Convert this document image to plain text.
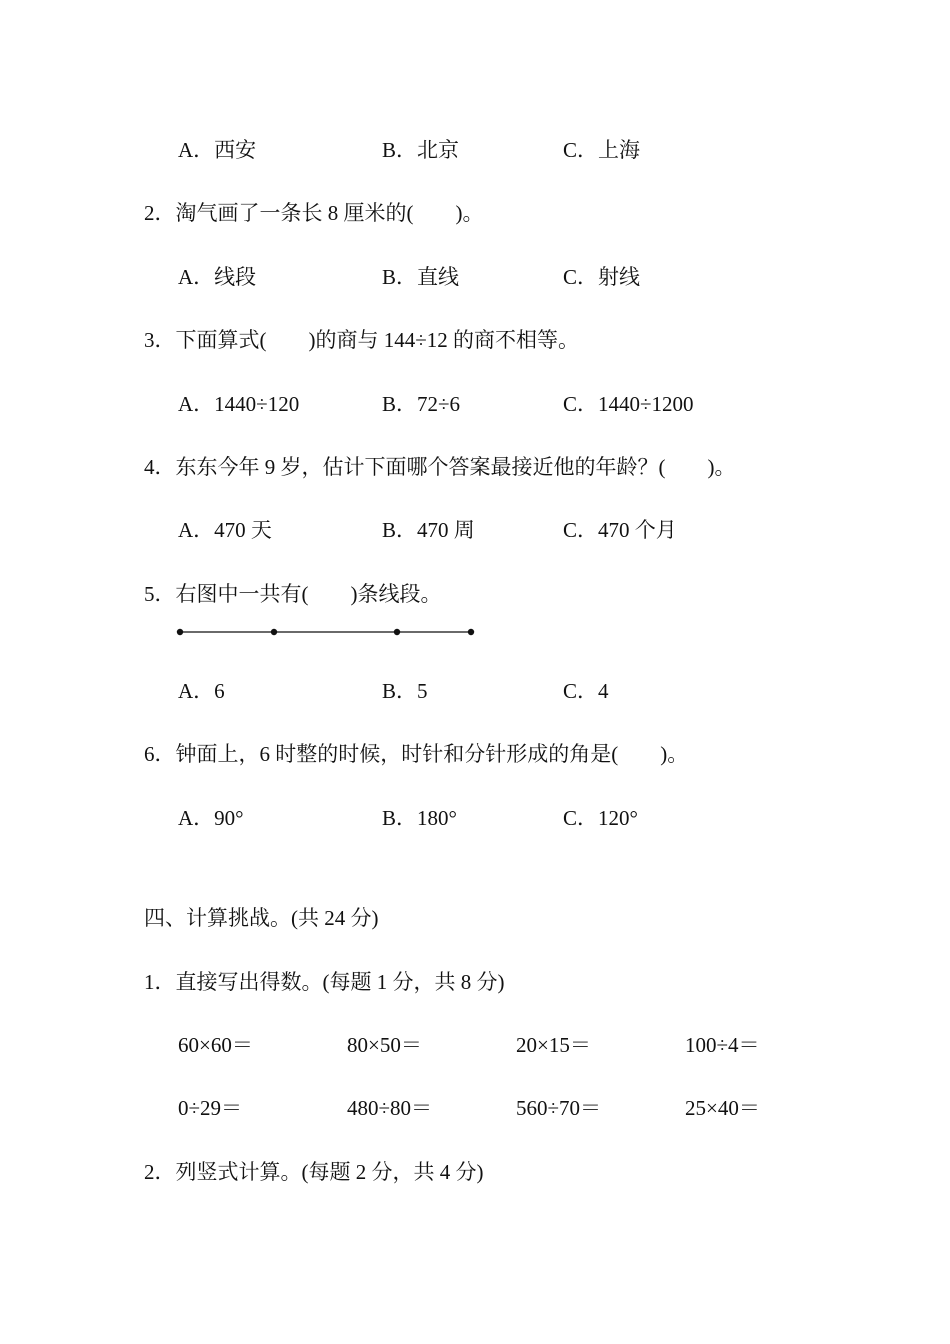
A．西安	B．北京	C．上海
2．淘气画了一条长 8 厘米的(　　)。
A．线段	B．直线	C．射线
3．下面算式(　　)的商与 144÷12 的商不相等。
A．1440÷120	B．72÷6	C．1440÷1200
4．东东今年 9 岁，估计下面哪个答案最接近他的年龄？(　　)。
A．470 天	B．470 周	C．470 个月
5．右图中一共有(　　)条线段。
A．6	B．5	C．4
6．钟面上，6 时整的时候，时针和分针形成的角是(　　)。
A．90°	B．180°	C．120°
四、计算挑战。(共 24 分)
1．直接写出得数。(每题 1 分，共 8 分)
60×60＝	80×50＝	20×15＝	100÷4＝
0÷29＝	480÷80＝	560÷70＝	25×40＝
2．列竖式计算。(每题 2 分，共 4 分)
